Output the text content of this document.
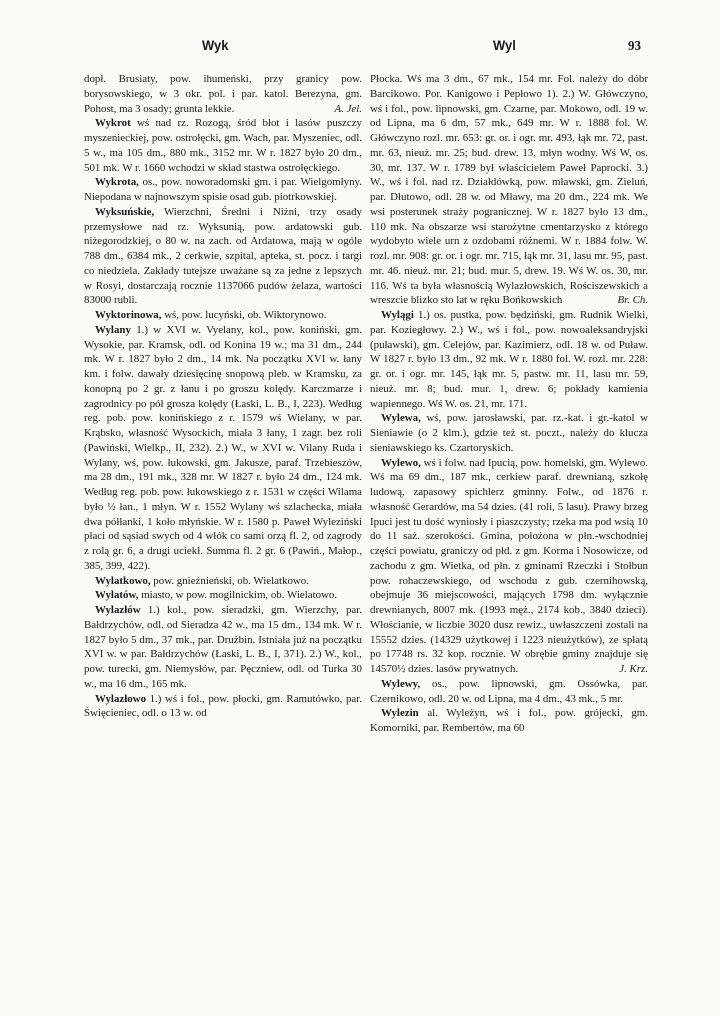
Wyk	Wyl	93

dopł. Brusiaty, pow. ihumeński, przy granicy pow. borysowskiego, w 3 okr. pol. i par. katol. Berezyna, gm. Pohost, ma 3 osady; grunta lekkie.	A. Jel.

Wykrot wś nad rz. Rozogą, śród błot i lasów puszczy myszenieckiej, pow. ostrołęcki, gm. Wach, par. Myszeniec, odl. 5 w., ma 105 dm., 880 mk., 3152 mr. W r. 1827 było 20 dm., 501 mk. W r. 1660 wchodzi w skład stastwa ostrołęckiego.

Wykrota, os., pow. noworadomski gm. i par. Wielgomłyny. Niepodana w najnowszym spisie osad gub. piotrkowskiej.

Wyksuńskie, Wierzchni, Średni i Niżni, trzy osady przemysłowe nad rz. Wyksunią, pow. ardatowski gub. niżegorodzkiej, o 80 w. na zach. od Ardatowa, mają w ogóle 788 dm., 6384 mk., 2 cerkwie, szpital, apteka, st. pocz. i targi co niedziela. Zakłady tutejsze uważane są za jedne z lepszych w Rosyi, dostarczają rocznie 1137066 pudów żelaza, wartości 83000 rubli.

Wyktorinowa, wś, pow. lucyński, ob. Wiktorynowo.

Wylany 1.) w XVI w. Vyelany, kol., pow. koniński, gm. Wysokie, par. Kramsk, odl. od Konina 19 w.; ma 31 dm., 244 mk. W r. 1827 było 2 dm., 14 mk. Na początku XVI w. łany km. i folw. dawały dziesięcinę snopową pleb. w Kramsku, za konopną po 2 gr. z łanu i po groszu kolędy. Karczmarze i zagrodnicy po pół grosza kolędy (Łaski, L. B., I, 223). Według reg. pob. pow. konińskiego z r. 1579 wś Wielany, w par. Krąbsko, własność Wysockich, miała 3 łany, 1 zagr. bez roli (Pawiński, Wielkp., II, 232). 2.) W., w XVI w. Vilany Ruda i Wylany, wś, pow. łukowski, gm. Jakusze, paraf. Trzebieszów, ma 28 dm., 191 mk., 328 mr. W 1827 r. było 24 dm., 124 mk. Według reg. pob. pow. łukowskiego z r. 1531 w części Wilama było ½ łan., 1 młyn. W r. 1552 Wylany wś szlachecka, miała dwa półłanki, 1 koło młyńskie. W r. 1580 p. Paweł Wyleziński płaci od sąsiad swych od 4 włók co sami orzą fl. 2, od zagrody z rolą gr. 6, a drugi uciekł. Summa fl. 2 gr. 6 (Pawiń., Małop., 385, 399, 422).

Wylatkowo, pow. gnieźnieński, ob. Wielatkowo.

Wylatów, miasto, w pow. mogilnickim, ob. Wielatowo.

Wylazłów 1.) kol., pow. sieradzki, gm. Wierzchy, par. Bałdrzychów, odl. od Sieradza 42 w., ma 15 dm., 134 mk. W r. 1827 było 5 dm., 37 mk., par. Drużbin. Istniała już na początku XVI w. w par. Bałdrzychów (Łaski, L. B., I, 371). 2.) W., kol., pow. turecki, gm. Niemysłów, par. Pęczniew, odl. od Turka 30 w., ma 16 dm., 165 mk.

Wylazłowo 1.) wś i fol., pow. płocki, gm. Ramutówko, par. Święcieniec, odl. o 13 w. od

Płocka. Wś ma 3 dm., 67 mk., 154 mr. Fol. należy do dóbr Barcikowo. Por. Kanigowo i Pepłowo 1). 2.) W. Główczyno, wś i fol., pow. lipnowski, gm. Czarne, par. Mokowo, odl. 19 w. od Lipna, ma 6 dm, 57 mk., 649 mr. W r. 1888 fol. W. Główczyno rozl. mr. 653: gr. or. i ogr. mr. 493, łąk mr. 72, past. mr. 63, nieuż. mr. 25; bud. drew. 13, młyn wodny. Wś W, os. 30, mr. 137. W r. 1789 był właścicielem Paweł Paprocki. 3.) W., wś i fol. nad rz. Działdówką, pow. mławski, gm. Zieluń, par. Dłutowo, odl. 28 w. od Mławy, ma 20 dm., 224 mk. We wsi posterunek straży pogranicznej. W r. 1827 było 13 dm., 110 mk. Na obszarze wsi starożytne cmentarzysko z którego wydobyto wiele urn z ozdobami różnemi. W r. 1884 folw. W. rozl. mr. 908: gr. or. i ogr. mr. 715, łąk mr. 31, lasu mr. 95, past. mr. 46. nieuż. mr. 21; bud. mur. 5, drew. 19. Wś W. os. 30, mr. 116. Wś ta była własnością Wylazłowskich, Rościszewskich a wreszcie blizko sto lat w ręku Bońkowskich	Br. Ch.

Wylągi 1.) os. pustka, pow. będziński, gm. Rudnik Wielki, par. Koziegłowy. 2.) W., wś i fol., pow. nowoaleksandryjski (puławski), gm. Celejów, par. Kazimierz, odl. 18 w. od Puław. W 1827 r. było 13 dm., 92 mk. W r. 1880 fol. W. rozl. mr. 228: gr. or. i ogr. mr. 145, łąk mr. 5, pastw. mr. 11, lasu mr. 59, nieuż. mr. 8; bud. mur. 1, drew. 6; pokłady kamienia wapiennego. Wś W. os. 21, mr. 171.

Wylewa, wś, pow. jarosławski, par. rz.-kat. i gr.-katol w Sieniawie (o 2 klm.), gdzie też st. poczt., należy do klucza sieniawskiego ks. Czartoryskich.

Wylewo, wś i folw. nad Ipucią, pow. homelski, gm. Wylewo. Wś ma 69 dm., 187 mk., cerkiew paraf. drewnianą, szkołę ludową, zapasowy spichlerz gminny. Folw., od 1876 r. własność Gerardów, ma 54 dzies. (41 roli, 5 lasu). Prawy brzeg Ipuci jest tu dość wyniosły i piaszczysty; rzeka ma pod wsią 10 do 11 saż. szerokości. Gmina, położona w płn.-wschodniej części powiatu, graniczy od płd. z gm. Korma i Nosowicze, od zachodu z gm. Wietka, od płn. z gminami Rzeczki i Stołbun pow. rohaczewskiego, od wschodu z gub. czernihowską, obejmuje 36 miejscowości, mających 1798 dm. wyłącznie drewnianych, 8007 mk. (1993 męż., 2174 kob., 3840 dzieci). Włościanie, w liczbie 3020 dusz rewiz., uwłaszczeni zostali na 15552 dzies. (14329 użytkowej i 1223 nieużytków), ze spłatą po 17748 rs. 32 kop. rocznie. W obrębie gminy znajduje się 14570½ dzies. lasów prywatnych.	J. Krz.

Wylewy, os., pow. lipnowski, gm. Ossówka, par. Czernikowo, odl. 20 w. od Lipna, ma 4 dm., 43 mk., 5 mr.

Wylezin al. Wyleżyn, wś i fol., pow. grójecki, gm. Komorniki, par. Rembertów, ma 60
